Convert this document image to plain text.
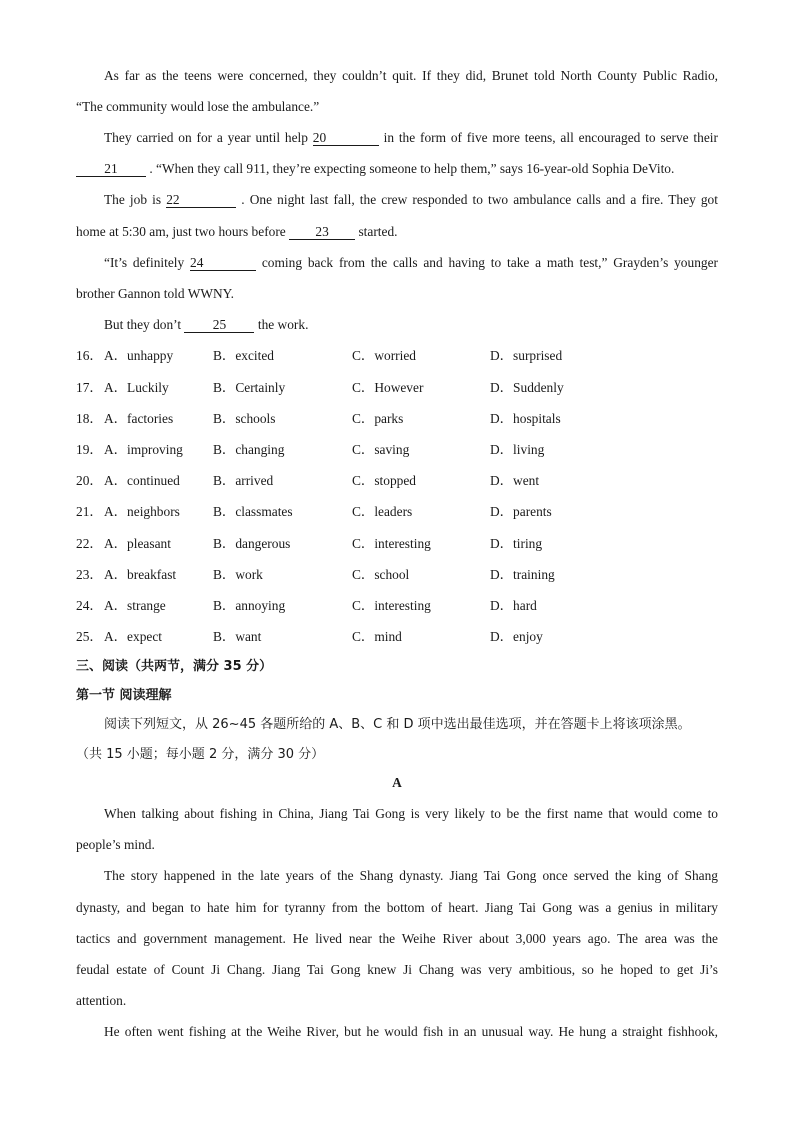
As far as the teens were concerned, they couldn’t quit. If they did, Brunet told North County Public Radio,
“The community would lose the ambulance.”
They carried on for a year until help 20	in the form of five more teens, all encouraged to serve their
21 . “When they call 911, they’re expecting someone to help them,” says 16-year-old Sophia DeVito.
The job is 22	. One night last fall, the crew responded to two ambulance calls and a fire. They got
home at 5:30 am, just two hours before 23 started.
“It’s definitely 24	coming back from the calls and having to take a math test,” Grayden’s younger
brother Gannon told WWNY.
But they don’t 25 the work.
16． A．unhappy	B．excited	C．worried	D．surprised
17． A．Luckily	B．Certainly	C．However	D．Suddenly
18． A．factories	B．schools	C．parks	D．hospitals
19． A．improving B．changing	C．saving	D．living
20． A．continued B．arrived	C．stopped	D．went
21． A．neighbors B．classmates	C．leaders	D．parents
22． A．pleasant	B．dangerous	C．interesting	D．tiring
23． A．breakfast	B．work	C．school	D．training
24． A．strange	B．annoying	C．interesting	D．hard
25． A．expect	B．want	C．mind	D．enjoy
三、阅读（共两节，满分 35 分）
第一节 阅读理解
阅读下列短文，从 26~45 各题所给的 A、B、C 和 D 项中选出最佳选项，并在答题卡上将该项涂黑。
（共 15 小题；每小题 2 分，满分 30 分）
A
When talking about fishing in China, Jiang Tai Gong is very likely to be the first name that would come to
people’s mind.
The story happened in the late years of the Shang dynasty. Jiang Tai Gong once served the king of Shang
dynasty, and began to hate him for tyranny from the bottom of heart. Jiang Tai Gong was a genius in military
tactics and government management. He lived near the Weihe River about 3,000 years ago. The area was the
feudal estate of Count Ji Chang. Jiang Tai Gong knew Ji Chang was very ambitious, so he hoped to get Ji’s
attention.
He often went fishing at the Weihe River, but he would fish in an unusual way. He hung a straight fishhook,
